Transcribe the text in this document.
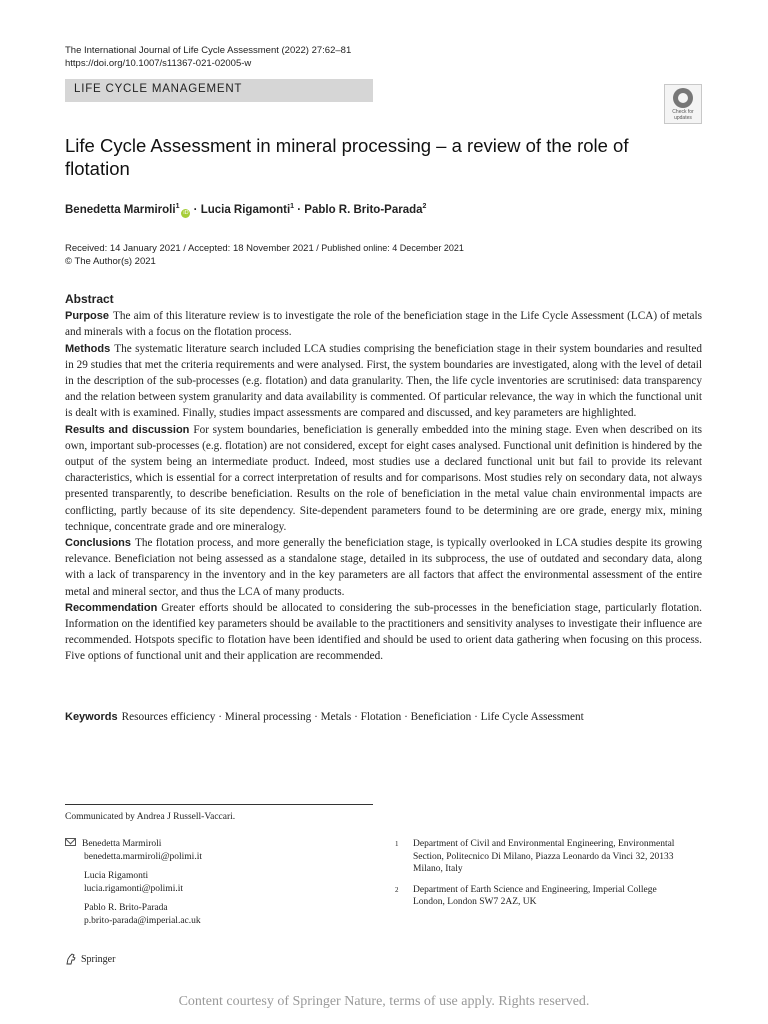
The International Journal of Life Cycle Assessment (2022) 27:62–81
https://doi.org/10.1007/s11367-021-02005-w
LIFE CYCLE MANAGEMENT
Check for
updates
Life Cycle Assessment in mineral processing – a review of the role of flotation
Benedetta Marmiroli$^1$iD · Lucia Rigamonti$^1$ · Pablo R. Brito-Parada$^2$
Received: 14 January 2021 / Accepted: 18 November 2021 / Published online: 4 December 2021
© The Author(s) 2021
Abstract

Purpose The aim of this literature review is to investigate the role of the beneficiation stage in the Life Cycle Assessment (LCA) of metals and minerals with a focus on the flotation process.

Methods The systematic literature search included LCA studies comprising the beneficiation stage in their system boundaries and resulted in 29 studies that met the criteria requirements and were analysed. First, the system boundaries are investigated, along with the level of detail in the description of the sub-processes (e.g. flotation) and data granularity. Then, the life cycle inventories are scrutinised: data transparency and the relation between system granularity and data availability is commented. Of particular relevance, the way in which the functional unit is dealt with is examined. Finally, studies impact assessments are compared and discussed, and key parameters are highlighted.

Results and discussion For system boundaries, beneficiation is generally embedded into the mining stage. Even when described on its own, important sub-processes (e.g. flotation) are not considered, except for eight cases analysed. Functional unit definition is hindered by the output of the system being an intermediate product. Indeed, most studies use a declared functional unit but fail to provide its relevant characteristics, which is essential for a correct interpretation of results and for comparisons. Most studies rely on secondary data, not always presented transparently, to describe beneficiation. Results on the role of beneficiation in the metal value chain environmental impacts are conflicting, partly because of its site dependency. Site-dependent parameters found to be determining are ore grade, energy mix, mining technique, concentrate grade and ore mineralogy.

Conclusions The flotation process, and more generally the beneficiation stage, is typically overlooked in LCA studies despite its growing relevance. Beneficiation not being assessed as a standalone stage, detailed in its subprocess, the use of outdated and secondary data, along with a lack of transparency in the inventory and in the key parameters are all factors that affect the environmental assessment of the entire metal and mineral sector, and thus the LCA of many products.

Recommendation Greater efforts should be allocated to considering the sub-processes in the beneficiation stage, particularly flotation. Information on the identified key parameters should be available to the practitioners and sensitivity analyses to investigate their influence are recommended. Hotspots specific to flotation have been identified and should be used to orient data gathering when focusing on this process. Five options of functional unit and their application are recommended.

Keywords Resources efficiency · Mineral processing · Metals · Flotation · Beneficiation · Life Cycle Assessment
Communicated by Andrea J Russell-Vaccari.
Benedetta Marmiroli
benedetta.marmiroli@polimi.it
Lucia Rigamonti
lucia.rigamonti@polimi.it
Pablo R. Brito-Parada
p.brito-parada@imperial.ac.uk
1	Department of Civil and Environmental Engineering, Environmental Section, Politecnico Di Milano, Piazza Leonardo da Vinci 32, 20133 Milano, Italy
2	Department of Earth Science and Engineering, Imperial College London, London SW7 2AZ, UK
Springer
Content courtesy of Springer Nature, terms of use apply. Rights reserved.
